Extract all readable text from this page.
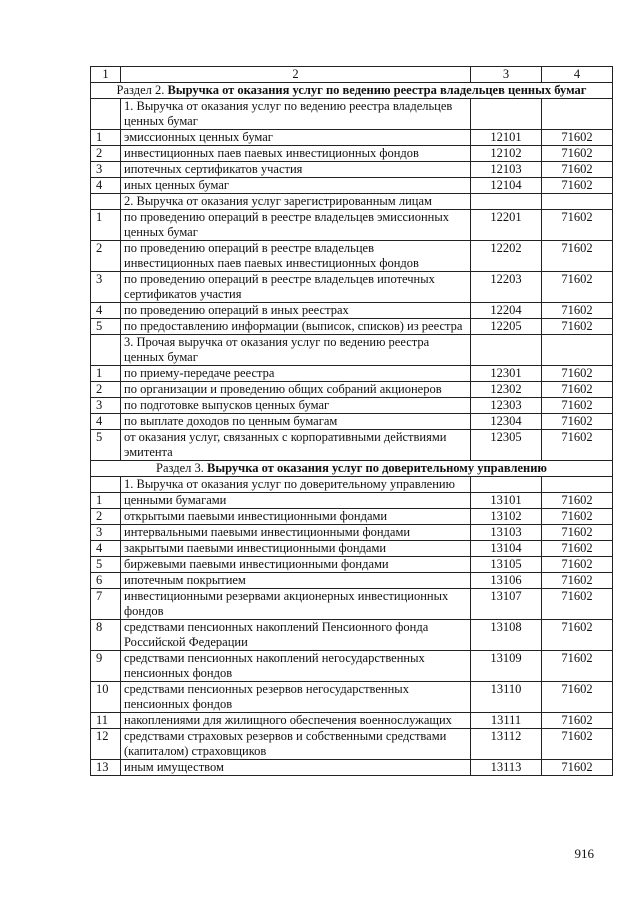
1	2	3	4
Раздел 2. Выручка от оказания услуг по ведению реестра владельцев ценных бумаг			
	1. Выручка от оказания услуг по ведению реестра владельцев ценных бумаг		
1	эмиссионных ценных бумаг	12101	71602
2	инвестиционных паев паевых инвестиционных фондов	12102	71602
3	ипотечных сертификатов участия	12103	71602
4	иных ценных бумаг	12104	71602
	2. Выручка от оказания услуг зарегистрированным лицам		
1	по проведению операций в реестре владельцев эмиссионных ценных бумаг	12201	71602
2	по проведению операций в реестре владельцев инвестиционных паев паевых инвестиционных фондов	12202	71602
3	по проведению операций в реестре владельцев ипотечных сертификатов участия	12203	71602
4	по проведению операций в иных реестрах	12204	71602
5	по предоставлению информации (выписок, списков) из реестра	12205	71602
	3. Прочая выручка от оказания услуг по ведению реестра ценных бумаг		
1	по приему-передаче реестра	12301	71602
2	по организации и проведению общих собраний акционеров	12302	71602
3	по подготовке выпусков ценных бумаг	12303	71602
4	по выплате доходов по ценным бумагам	12304	71602
5	от оказания услуг, связанных с корпоративными действиями эмитента	12305	71602
Раздел 3. Выручка от оказания услуг по доверительному управлению			
	1. Выручка от оказания услуг по доверительному управлению		
1	ценными бумагами	13101	71602
2	открытыми паевыми инвестиционными фондами	13102	71602
3	интервальными паевыми инвестиционными фондами	13103	71602
4	закрытыми паевыми инвестиционными фондами	13104	71602
5	биржевыми паевыми инвестиционными фондами	13105	71602
6	ипотечным покрытием	13106	71602
7	инвестиционными резервами акционерных инвестиционных фондов	13107	71602
8	средствами пенсионных накоплений Пенсионного фонда Российской Федерации	13108	71602
9	средствами пенсионных накоплений негосударственных пенсионных фондов	13109	71602
10	средствами пенсионных резервов негосударственных пенсионных фондов	13110	71602
11	накоплениями для жилищного обеспечения военнослужащих	13111	71602
12	средствами страховых резервов и собственными средствами (капиталом) страховщиков	13112	71602
13	иным имуществом	13113	71602
916
